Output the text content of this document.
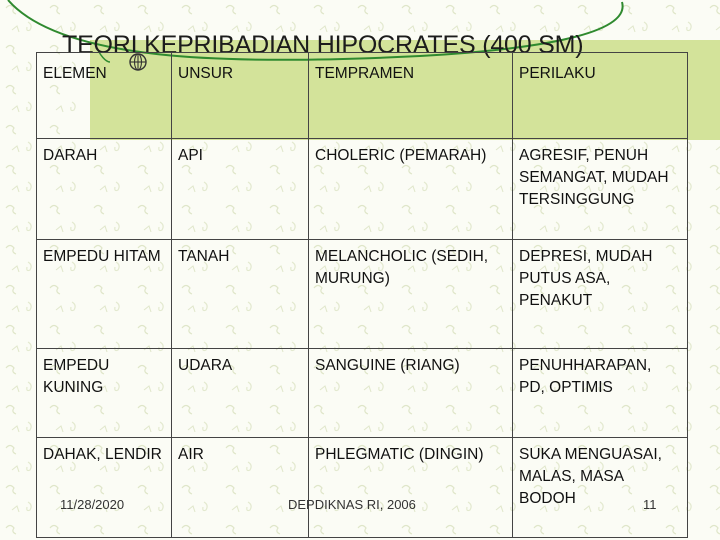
TEORI KEPRIBADIAN HIPOCRATES (400 SM)
ELEMEN	UNSUR	TEMPRAMEN	PERILAKU
DARAH	API	CHOLERIC (PEMARAH)	AGRESIF, PENUH SEMANGAT, MUDAH TERSINGGUNG
EMPEDU HITAM	TANAH	MELANCHOLIC (SEDIH, MURUNG)	DEPRESI, MUDAH PUTUS ASA, PENAKUT
EMPEDU KUNING	UDARA	SANGUINE (RIANG)	PENUHHARAPAN, PD, OPTIMIS
DAHAK, LENDIR	AIR	PHLEGMATIC (DINGIN)	SUKA MENGUASAI, MALAS, MASA BODOH
11/28/2020	DEPDIKNAS RI, 2006	11
